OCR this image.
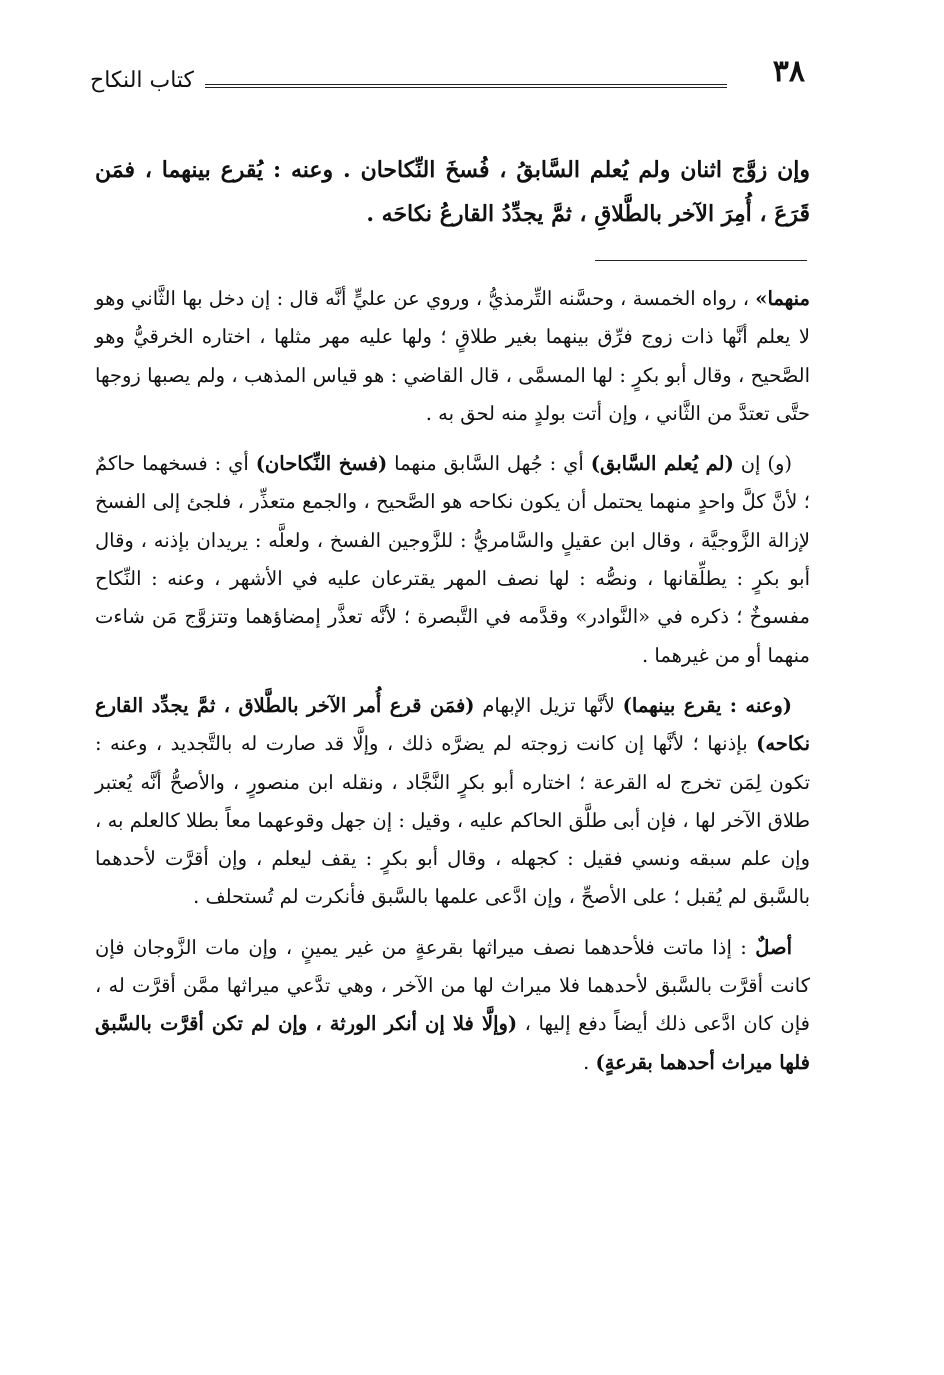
٣٨
كتاب النكاح

وإن زوَّج اثنان ولم يُعلم السَّابقُ ، فُسخَ النِّكاحان . وعنه : يُقرع بينهما ، فمَن قَرَعَ ، أُمِرَ الآخر بالطَّلاقِ ، ثمَّ يجدِّدُ القارعُ نكاحَه .

منهما» ، رواه الخمسة ، وحسَّنه التِّرمذيُّ ، وروي عن عليٍّ أنَّه قال : إن دخل بها الثَّاني وهو لا يعلم أنَّها ذات زوج فرِّق بينهما بغير طلاقٍ ؛ ولها عليه مهر مثلها ، اختاره الخرقيُّ وهو الصَّحيح ، وقال أبو بكرٍ : لها المسمَّى ، قال القاضي : هو قياس المذهب ، ولم يصبها زوجها حتَّى تعتدَّ من الثَّاني ، وإن أتت بولدٍ منه لحق به .

(و) إن (لم يُعلم السَّابق) أي : جُهل السَّابق منهما (فسخ النِّكاحان) أي : فسخهما حاكمٌ ؛ لأنَّ كلَّ واحدٍ منهما يحتمل أن يكون نكاحه هو الصَّحيح ، والجمع متعذِّر ، فلجئ إلى الفسخ لإزالة الزَّوجيَّة ، وقال ابن عقيلٍ والسَّامريُّ : للزَّوجين الفسخ ، ولعلَّه : يريدان بإذنه ، وقال أبو بكرٍ : يطلِّقانها ، ونصُّه : لها نصف المهر يقترعان عليه في الأشهر ، وعنه : النِّكاح مفسوخٌ ؛ ذكره في «النَّوادر» وقدَّمه في التَّبصرة ؛ لأنَّه تعذَّر إمضاؤهما وتتزوَّج مَن شاءت منهما أو من غيرهما .

(وعنه : يقرع بينهما) لأنَّها تزيل الإبهام (فمَن قرع أُمر الآخر بالطَّلاق ، ثمَّ يجدِّد القارع نكاحه) بإذنها ؛ لأنَّها إن كانت زوجته لم يضرَّه ذلك ، وإلَّا قد صارت له بالتَّجديد ، وعنه : تكون لِمَن تخرج له القرعة ؛ اختاره أبو بكرٍ النَّجَّاد ، ونقله ابن منصورٍ ، والأصحُّ أنَّه يُعتبر طلاق الآخر لها ، فإن أبى طلَّق الحاكم عليه ، وقيل : إن جهل وقوعهما معاً بطلا كالعلم به ، وإن علم سبقه ونسي فقيل : كجهله ، وقال أبو بكرٍ : يقف ليعلم ، وإن أقرَّت لأحدهما بالسَّبق لم يُقبل ؛ على الأصحِّ ، وإن ادَّعى علمها بالسَّبق فأنكرت لم تُستحلف .

أصلٌ : إذا ماتت فلأحدهما نصف ميراثها بقرعةٍ من غير يمينٍ ، وإن مات الزَّوجان فإن كانت أقرَّت بالسَّبق لأحدهما فلا ميراث لها من الآخر ، وهي تدَّعي ميراثها ممَّن أقرَّت له ، فإن كان ادَّعى ذلك أيضاً دفع إليها ، (وإلَّا فلا إن أنكر الورثة ، وإن لم تكن أقرَّت بالسَّبق فلها ميراث أحدهما بقرعةٍ) .
